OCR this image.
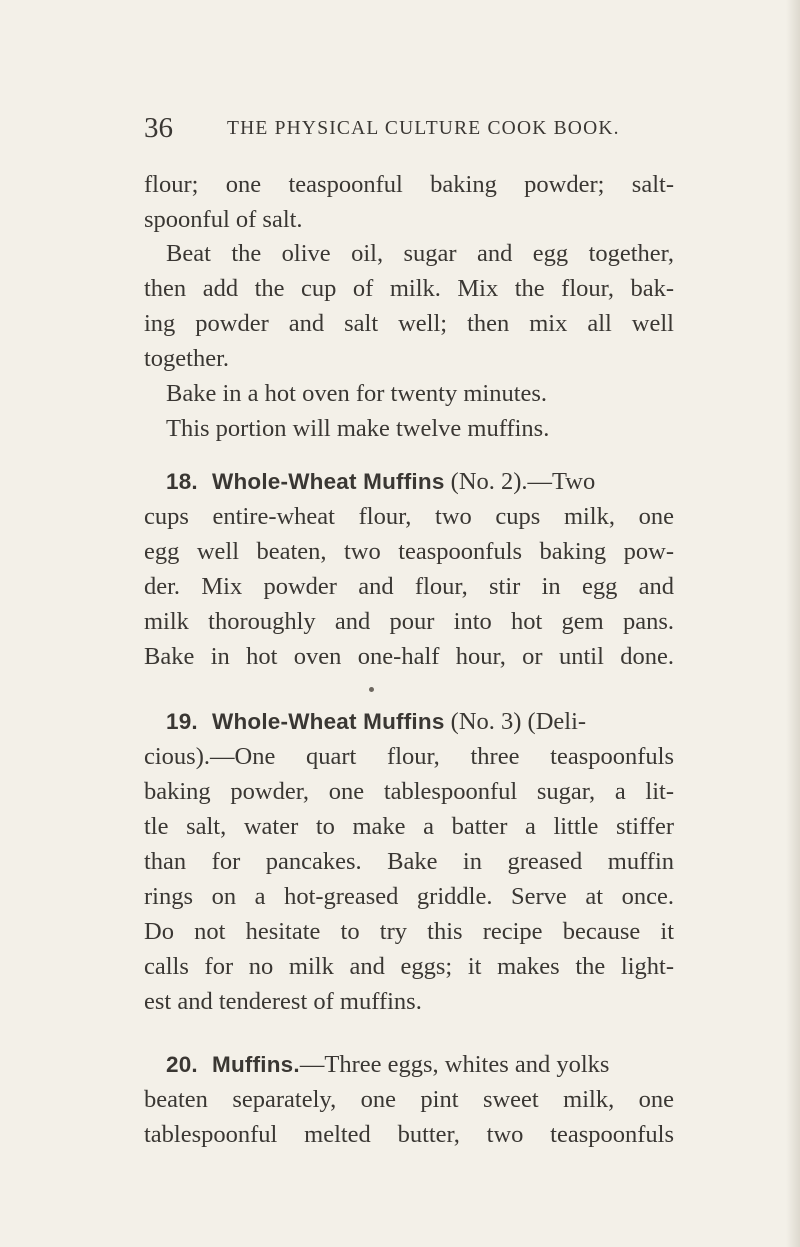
36	THE PHYSICAL CULTURE COOK BOOK.
flour; one teaspoonful baking powder; salt-
spoonful of salt.
Beat the olive oil, sugar and egg together,
then add the cup of milk. Mix the flour, bak-
ing powder and salt well; then mix all well
together.
Bake in a hot oven for twenty minutes.
This portion will make twelve muffins.
18. Whole-Wheat Muffins (No. 2).—Two
cups entire-wheat flour, two cups milk, one
egg well beaten, two teaspoonfuls baking pow-
der. Mix powder and flour, stir in egg and
milk thoroughly and pour into hot gem pans.
Bake in hot oven one-half hour, or until done.
19. Whole-Wheat Muffins (No. 3) (Deli-
cious).—One quart flour, three teaspoonfuls
baking powder, one tablespoonful sugar, a lit-
tle salt, water to make a batter a little stiffer
than for pancakes. Bake in greased muffin
rings on a hot-greased griddle. Serve at once.
Do not hesitate to try this recipe because it
calls for no milk and eggs; it makes the light-
est and tenderest of muffins.
20. Muffins.—Three eggs, whites and yolks
beaten separately, one pint sweet milk, one
tablespoonful melted butter, two teaspoonfuls
